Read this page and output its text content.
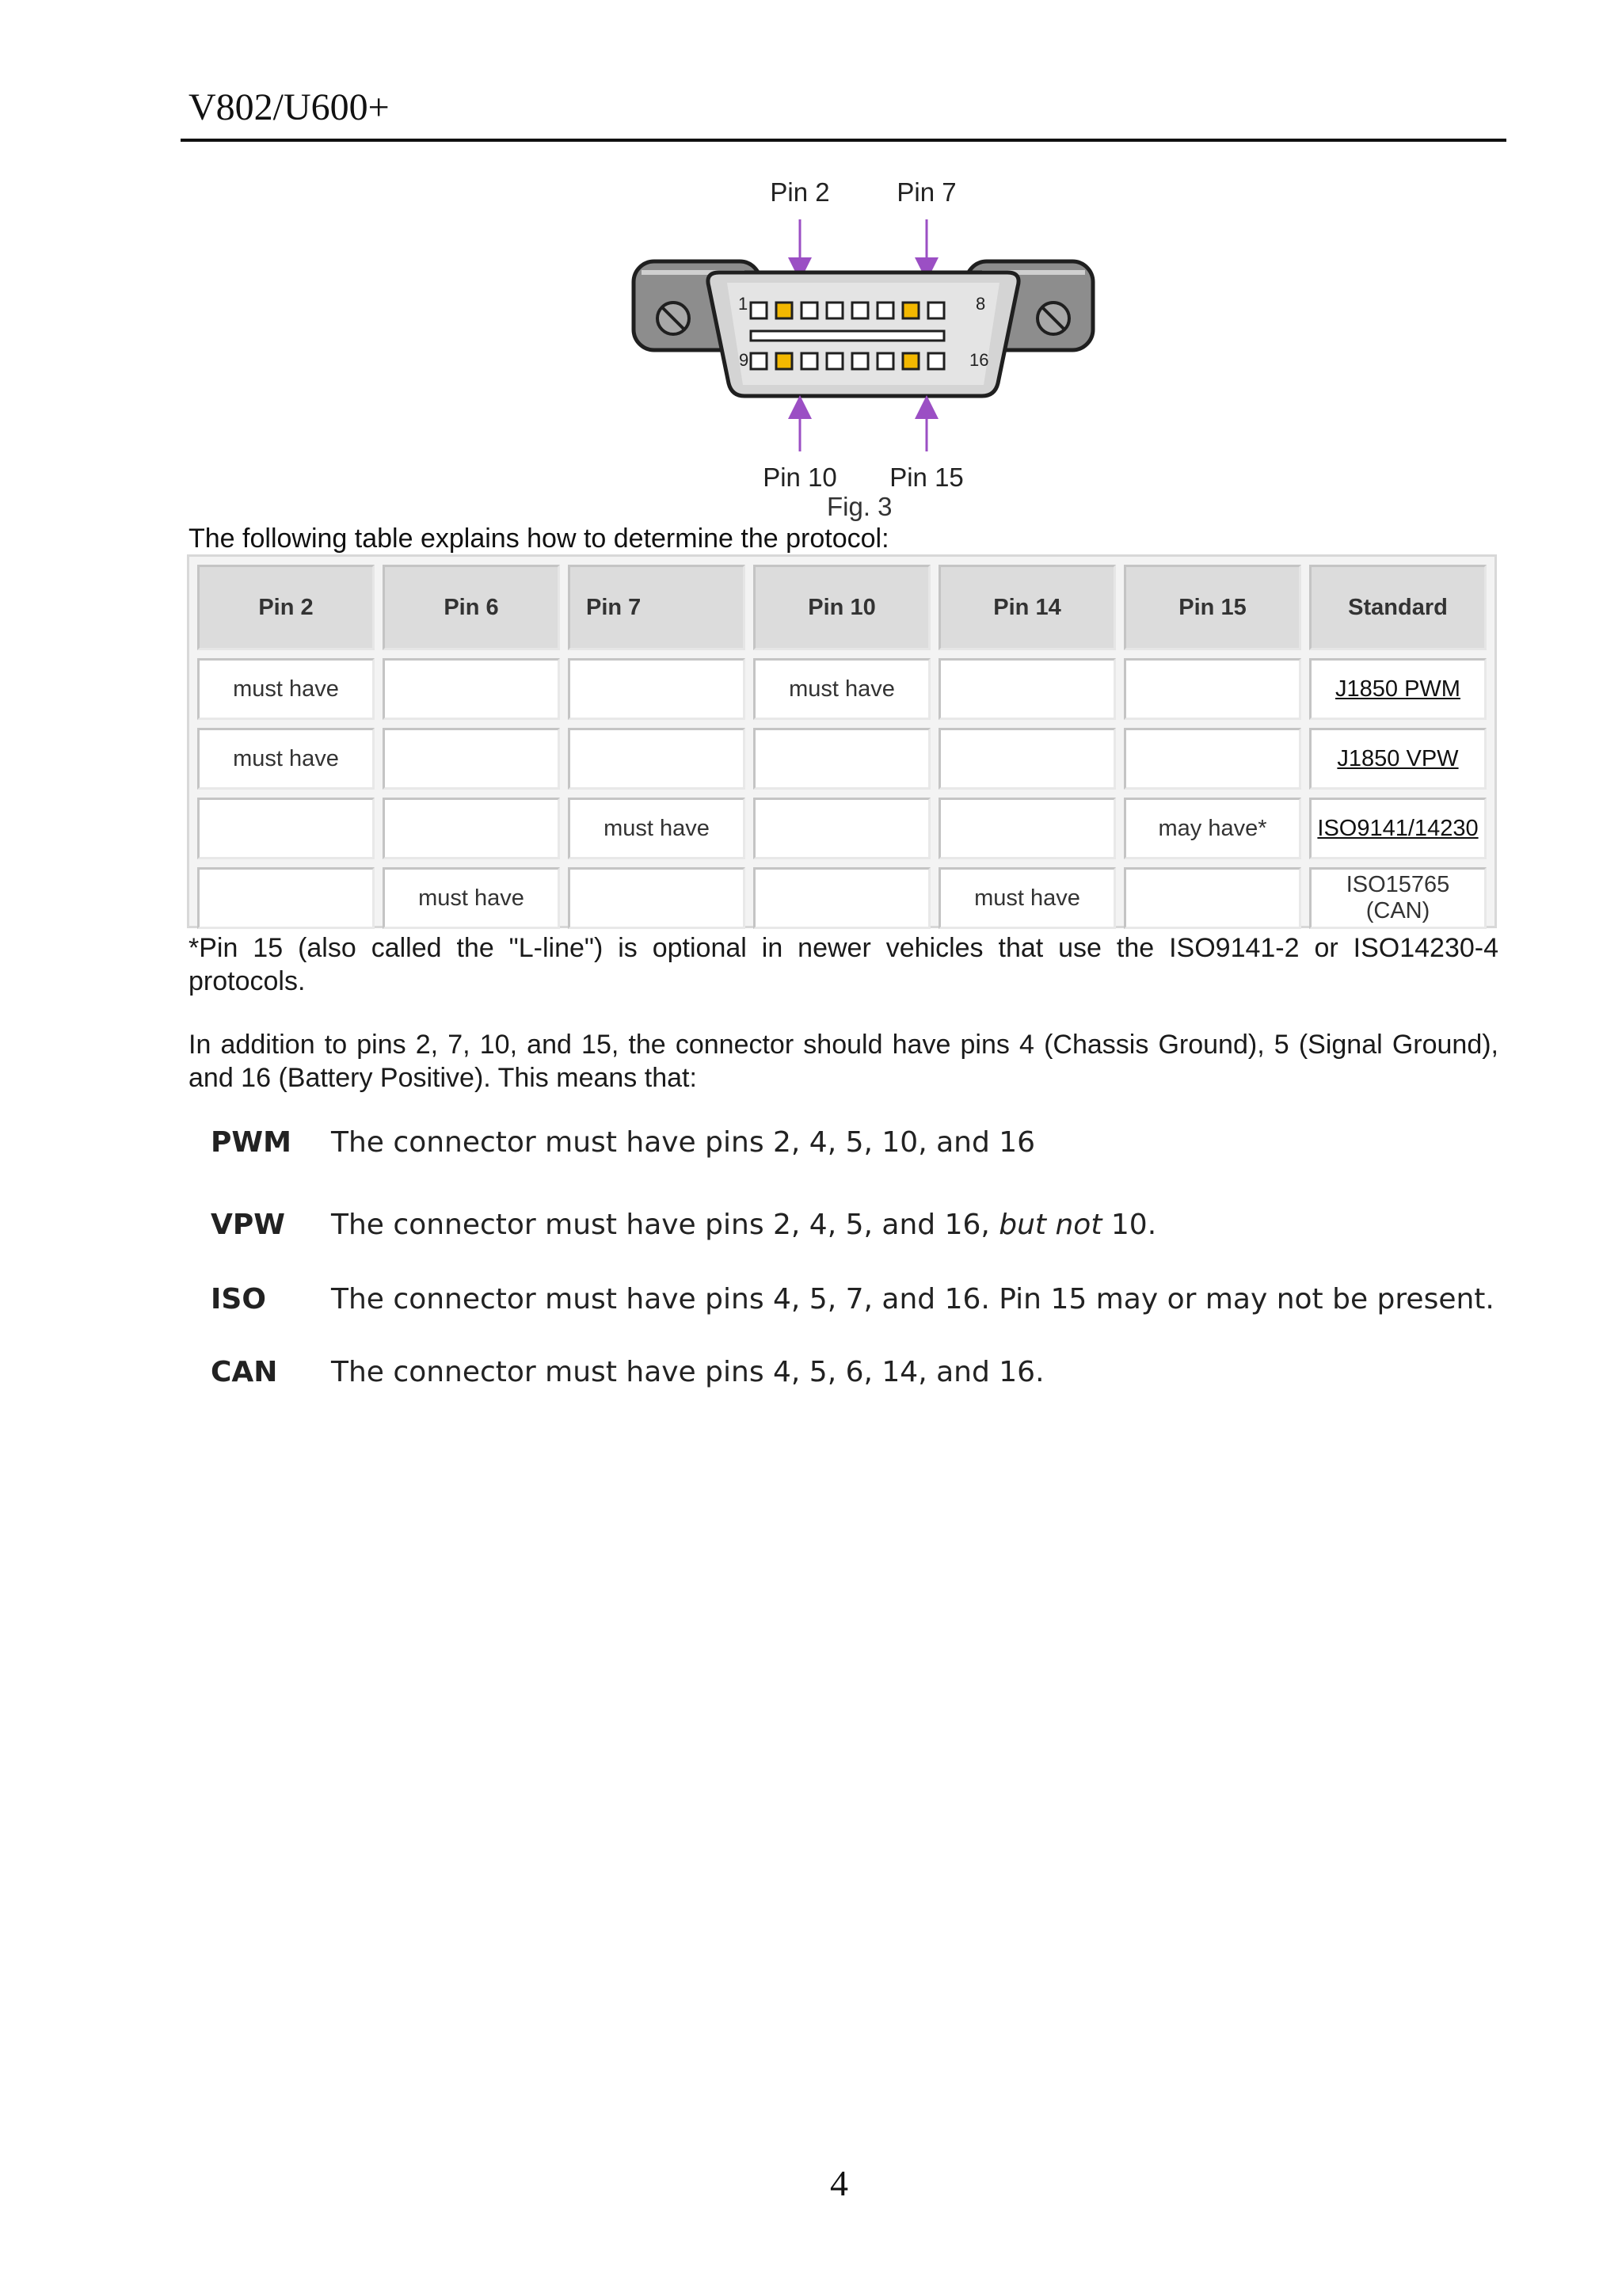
V802/U600+
Pin 2	Pin 7
1	8
9	16
Pin 10 Pin 15
Fig. 3
The following table explains how to determine the protocol:
Pin 2	Pin 6	Pin 7	Pin 10	Pin 14	Pin 15	Standard
must have			must have			J1850 PWM
must have						J1850 VPW
		must have			may have*	ISO9141/14230
	must have			must have		ISO15765 (CAN)
*Pin 15 (also called the "L-line") is optional in newer vehicles that use the ISO9141-2 or ISO14230-4 protocols.
In addition to pins 2, 7, 10, and 15, the connector should have pins 4 (Chassis Ground), 5 (Signal Ground), and 16 (Battery Positive). This means that:
PWM The connector must have pins 2, 4, 5, 10, and 16
VPW The connector must have pins 2, 4, 5, and 16, but not 10.
ISO The connector must have pins 4, 5, 7, and 16. Pin 15 may or may not be present.
CAN The connector must have pins 4, 5, 6, 14, and 16.
4
